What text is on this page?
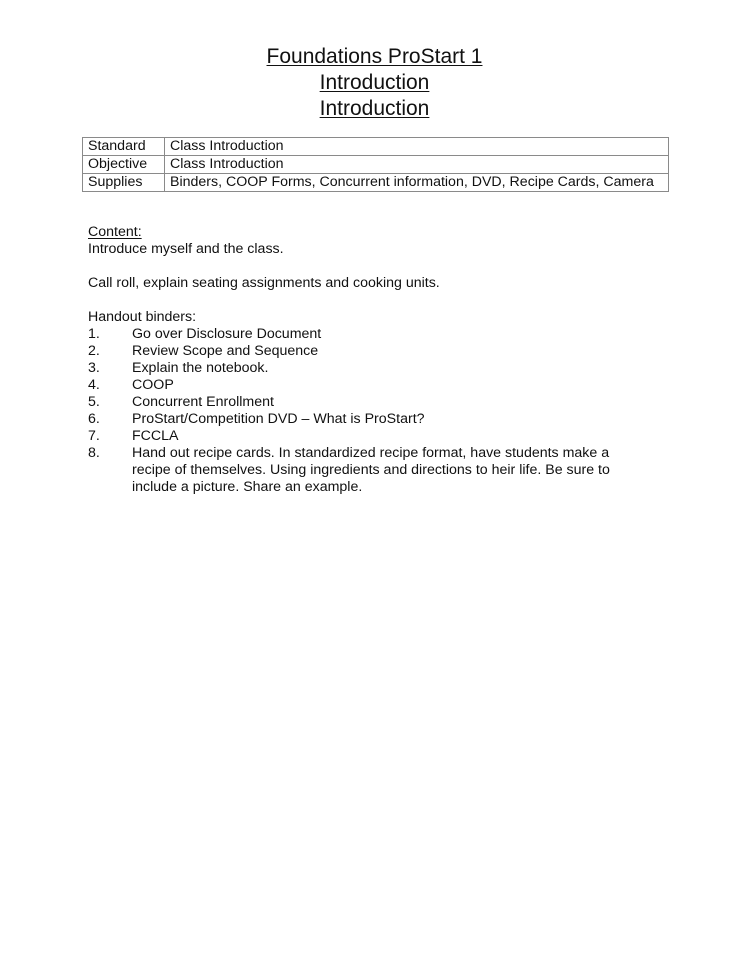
Foundations ProStart 1
Introduction
Introduction
Standard	Class Introduction
Objective	Class Introduction
Supplies	Binders, COOP Forms, Concurrent information, DVD, Recipe Cards, Camera

Content:

Introduce myself and the class.

Call roll, explain seating assignments and cooking units.

Handout binders:

1.	Go over Disclosure Document
2.	Review Scope and Sequence
3.	Explain the notebook.
4.	COOP
5.	Concurrent Enrollment
6.	ProStart/Competition DVD – What is ProStart?
7.	FCCLA
8.	Hand out recipe cards. In standardized recipe format, have students make a recipe of themselves. Using ingredients and directions to heir life. Be sure to include a picture. Share an example.
